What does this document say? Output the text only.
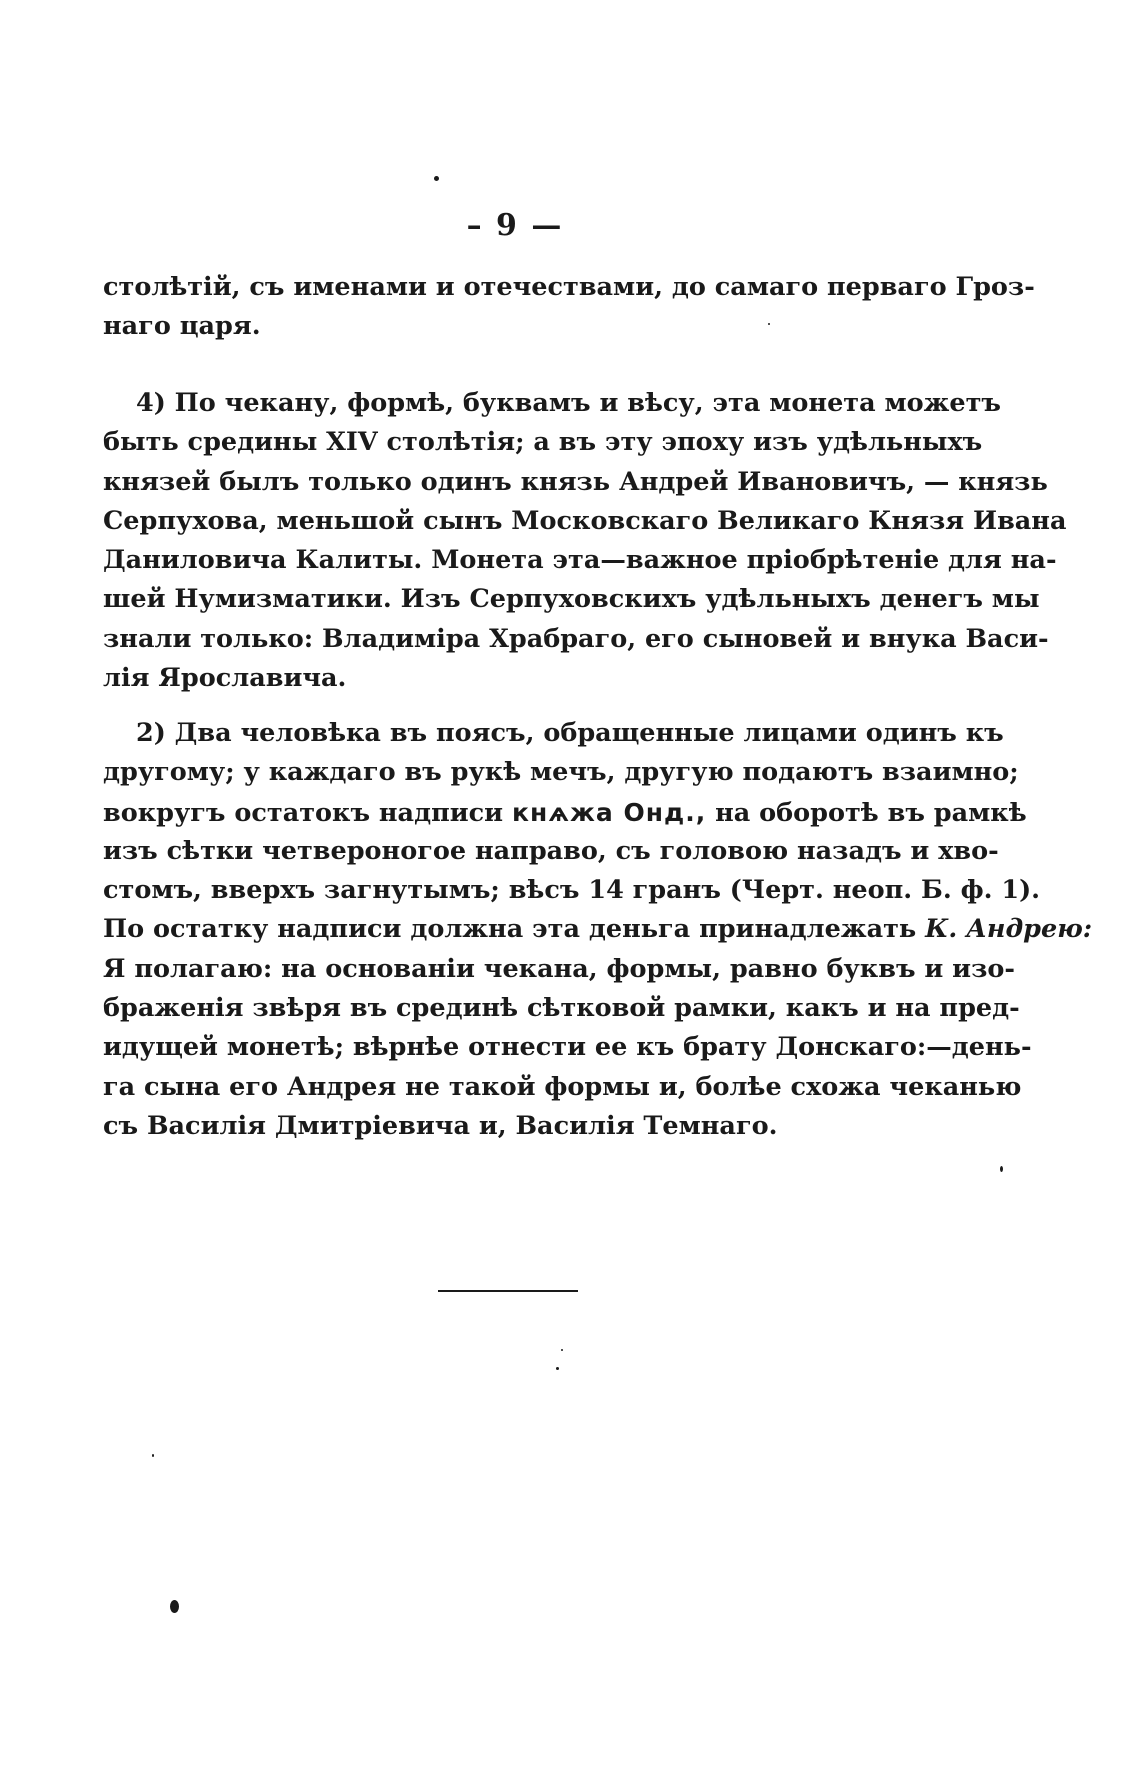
– 9 —
столѣтій, съ именами и отечествами, до самаго перваго Гроз-
наго царя.
4) По чекану, формѣ, буквамъ и вѣсу, эта монета можетъ
быть средины XIV столѣтія; а въ эту эпоху изъ удѣльныхъ
князей былъ только одинъ князь Андрей Ивановичъ, — князь
Серпухова, меньшой сынъ Московскаго Великаго Князя Ивана
Даниловича Калиты. Монета эта—важное пріобрѣтеніе для на-
шей Нумизматики. Изъ Серпуховскихъ удѣльныхъ денегъ мы
знали только: Владиміра Храбраго, его сыновей и внука Васи-
лія Ярославича.
2) Два человѣка въ поясъ, обращенные лицами одинъ къ
другому; у каждаго въ рукѣ мечъ, другую подаютъ взаимно;
вокругъ остатокъ надписи кнѧжа Онд., на оборотѣ въ рамкѣ
изъ сѣтки четвероногое направо, съ головою назадъ и хво-
стомъ, вверхъ загнутымъ; вѣсъ 14 гранъ (Черт. неоп. Б. ф. 1).
По остатку надписи должна эта деньга принадлежать К. Андрею:
Я полагаю: на основаніи чекана, формы, равно буквъ и изо-
браженія звѣря въ срединѣ сѣтковой рамки, какъ и на пред-
идущей монетѣ; вѣрнѣе отнести ее къ брату Донскаго:—день-
га сына его Андрея не такой формы и, болѣе схожа чеканью
съ Василія Дмитріевича и, Василія Темнаго.
